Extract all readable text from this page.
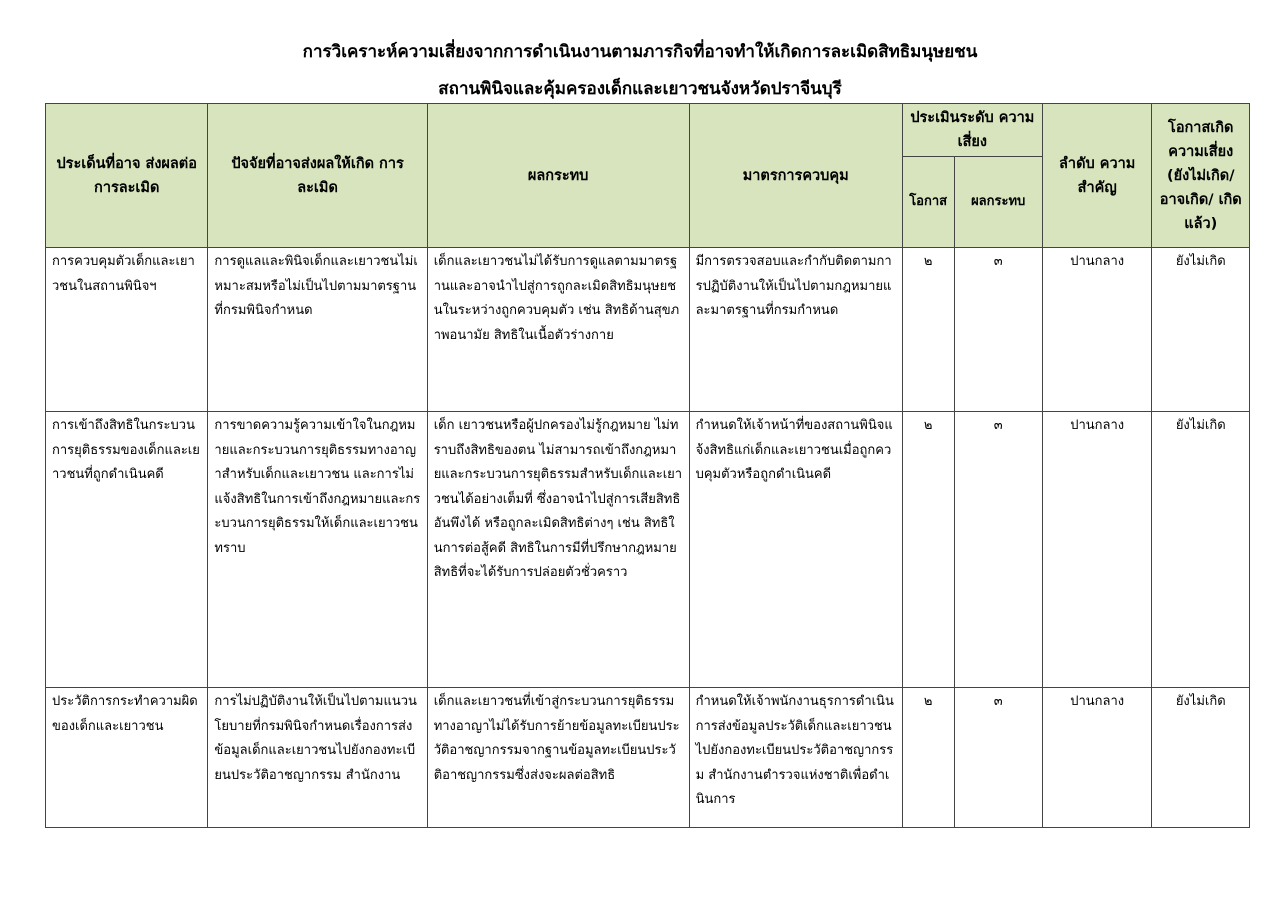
การวิเคราะห์ความเสี่ยงจากการดำเนินงานตามภารกิจที่อาจทำให้เกิดการละเมิดสิทธิมนุษยชน
สถานพินิจและคุ้มครองเด็กและเยาวชนจังหวัดปราจีนบุรี
ประเด็นที่อาจ ส่งผลต่อการละเมิด	ปัจจัยที่อาจส่งผลให้เกิด การละเมิด	ผลกระทบ	มาตรการควบคุม	ประเมินระดับ ความเสี่ยง		ลำดับ ความสำคัญ	โอกาสเกิด ความเสี่ยง (ยังไม่เกิด/ อาจเกิด/ เกิดแล้ว)
				โอกาส	ผลกระทบ		
การควบคุมตัวเด็กและเยาวชนในสถานพินิจฯ	การดูแลและพินิจเด็กและเยาวชนไม่เหมาะสมหรือไม่เป็นไปตามมาตรฐานที่กรมพินิจกำหนด	เด็กและเยาวชนไม่ได้รับการดูแลตามมาตรฐานและอาจนำไปสู่การถูกละเมิดสิทธิมนุษยชนในระหว่างถูกควบคุมตัว เช่น สิทธิด้านสุขภาพอนามัย สิทธิในเนื้อตัวร่างกาย	มีการตรวจสอบและกำกับติดตามการปฏิบัติงานให้เป็นไปตามกฎหมายและมาตรฐานที่กรมกำหนด	๒	๓	ปานกลาง	ยังไม่เกิด
การเข้าถึงสิทธิในกระบวนการยุติธรรมของเด็กและเยาวชนที่ถูกดำเนินคดี	การขาดความรู้ความเข้าใจในกฎหมายและกระบวนการยุติธรรมทางอาญาสำหรับเด็กและเยาวชน และการไม่แจ้งสิทธิในการเข้าถึงกฎหมายและกระบวนการยุติธรรมให้เด็กและเยาวชนทราบ	เด็ก เยาวชนหรือผู้ปกครองไม่รู้กฎหมาย ไม่ทราบถึงสิทธิของตน ไม่สามารถเข้าถึงกฎหมายและกระบวนการยุติธรรมสำหรับเด็กและเยาวชนได้อย่างเต็มที่ ซึ่งอาจนำไปสู่การเสียสิทธิอันพึงได้ หรือถูกละเมิดสิทธิต่างๆ เช่น สิทธิในการต่อสู้คดี สิทธิในการมีที่ปรึกษากฎหมาย สิทธิที่จะได้รับการปล่อยตัวชั่วคราว	กำหนดให้เจ้าหน้าที่ของสถานพินิจแจ้งสิทธิแก่เด็กและเยาวชนเมื่อถูกควบคุมตัวหรือถูกดำเนินคดี	๒	๓	ปานกลาง	ยังไม่เกิด
ประวัติการกระทำความผิดของเด็กและเยาวชน	การไม่ปฏิบัติงานให้เป็นไปตามแนวนโยบายที่กรมพินิจกำหนดเรื่องการส่งข้อมูลเด็กและเยาวชนไปยังกองทะเบียนประวัติอาชญากรรม สำนักงาน	เด็กและเยาวชนที่เข้าสู่กระบวนการยุติธรรมทางอาญาไม่ได้รับการย้ายข้อมูลทะเบียนประวัติอาชญากรรมจากฐานข้อมูลทะเบียนประวัติอาชญากรรมซึ่งส่งจะผลต่อสิทธิ	กำหนดให้เจ้าพนักงานธุรการดำเนินการส่งข้อมูลประวัติเด็กและเยาวชนไปยังกองทะเบียนประวัติอาชญากรรม สำนักงานตำรวจแห่งชาติเพื่อดำเนินการ	๒	๓	ปานกลาง	ยังไม่เกิด
